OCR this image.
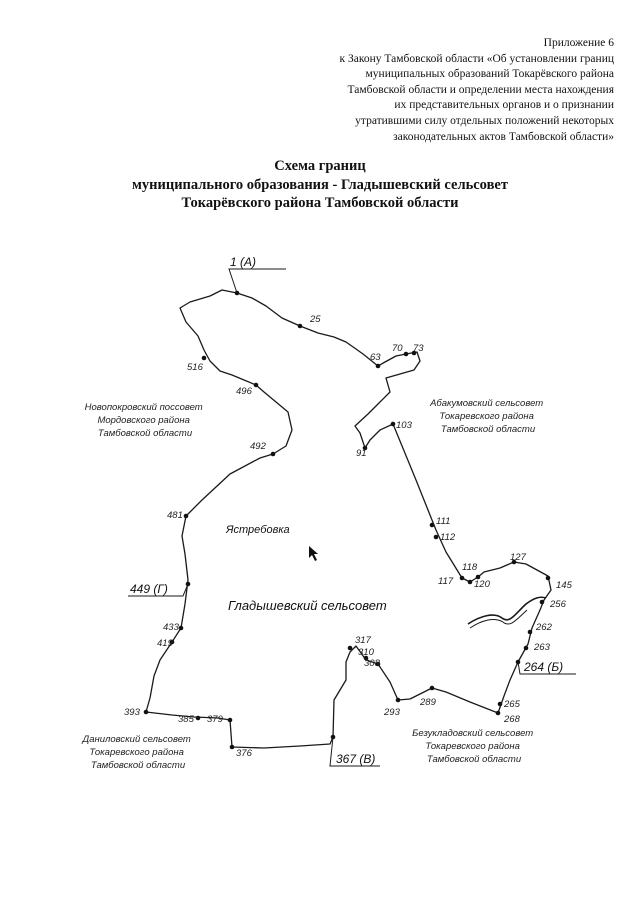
Приложение 6
к Закону Тамбовской области «Об установлении границ
муниципальных образований Токарёвского района
Тамбовской области и определении места нахождения
их представительных органов и о признании
утратившими силу отдельных положений некоторых
законодательных актов Тамбовской области»
Схема границ
муниципального образования - Гладышевский сельсовет
Токарёвского района Тамбовской области
1 (А)
449 (Г)
367 (В)
264 (Б)
25
63
70 73
516
496
492
481
91
103
111
112
117
118
120
127
145
256
262
263
265
268
289
293
308
310
317
433
419
393
385 379
376
Ястребовка
Гладышевский сельсовет
Новопокровский поссовет Мордовского района Тамбовской области
Абакумовский сельсовет Токаревского района Тамбовской области
Даниловский сельсовет Токаревского района Тамбовской области
Безукладовский сельсовет Токаревского района Тамбовской области
